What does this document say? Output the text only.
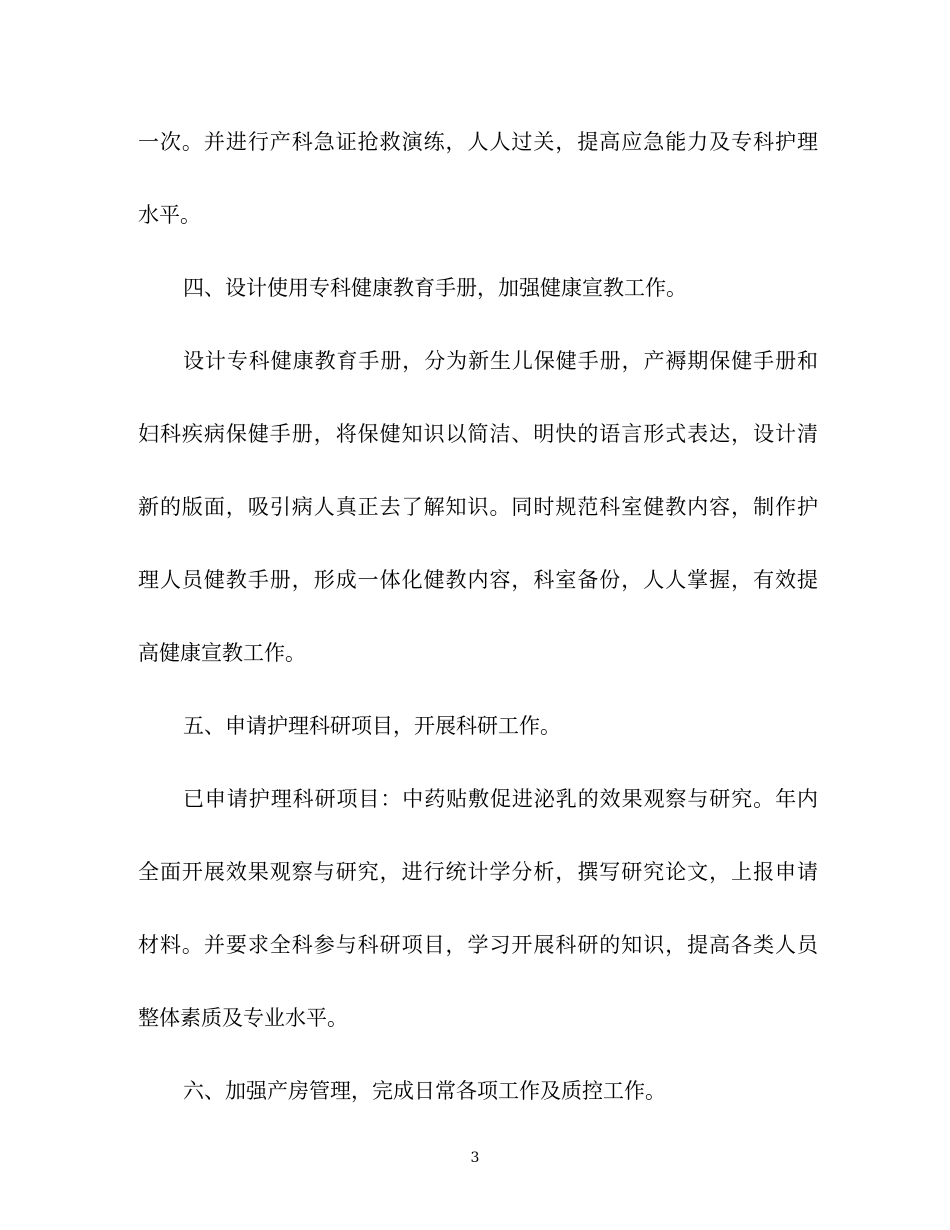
一次。并进行产科急证抢救演练，人人过关，提高应急能力及专科护理
水平。
四、设计使用专科健康教育手册，加强健康宣教工作。
设计专科健康教育手册，分为新生儿保健手册，产褥期保健手册和
妇科疾病保健手册，将保健知识以简洁、明快的语言形式表达，设计清
新的版面，吸引病人真正去了解知识。同时规范科室健教内容，制作护
理人员健教手册，形成一体化健教内容，科室备份，人人掌握，有效提
高健康宣教工作。
五、申请护理科研项目，开展科研工作。
已申请护理科研项目：中药贴敷促进泌乳的效果观察与研究。年内
全面开展效果观察与研究，进行统计学分析，撰写研究论文，上报申请
材料。并要求全科参与科研项目，学习开展科研的知识，提高各类人员
整体素质及专业水平。
六、加强产房管理，完成日常各项工作及质控工作。
3
